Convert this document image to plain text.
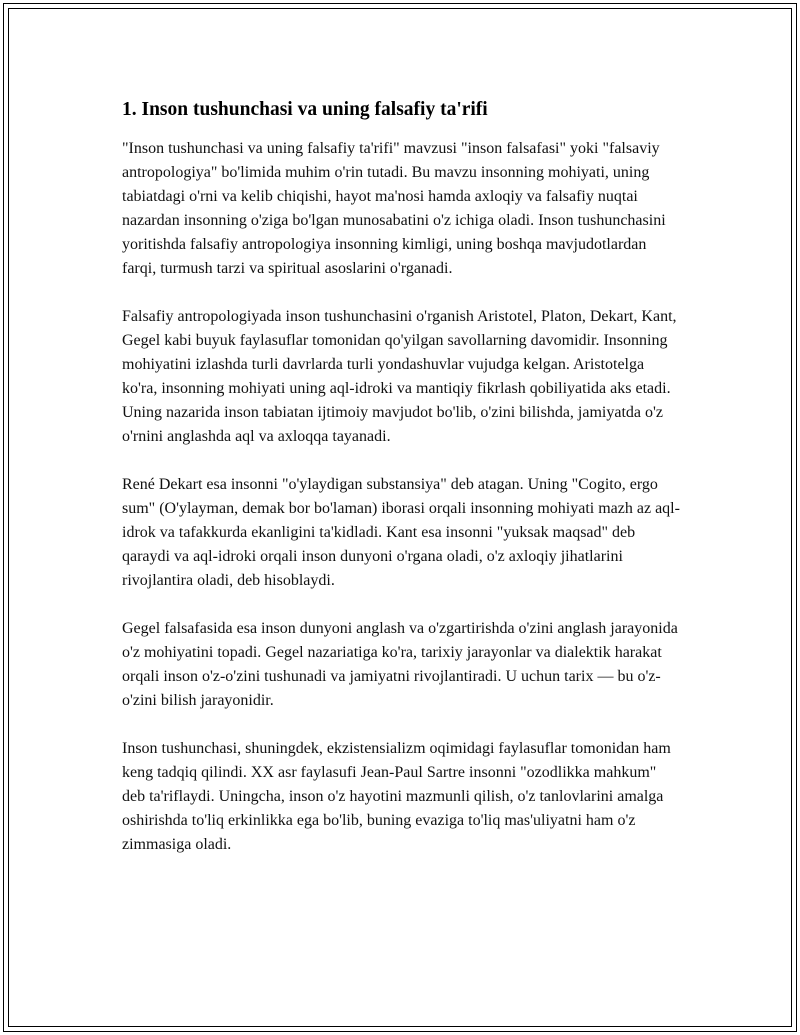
1. Inson tushunchasi va uning falsafiy ta'rifi

"Inson tushunchasi va uning falsafiy ta'rifi" mavzusi "inson falsafasi" yoki "falsaviy antropologiya" bo'limida muhim o'rin tutadi. Bu mavzu insonning mohiyati, uning tabiatdagi o'rni va kelib chiqishi, hayot ma'nosi hamda axloqiy va falsafiy nuqtai nazardan insonning o'ziga bo'lgan munosabatini o'z ichiga oladi. Inson tushunchasini yoritishda falsafiy antropologiya insonning kimligi, uning boshqa mavjudotlardan farqi, turmush tarzi va spiritual asoslarini o'rganadi.

Falsafiy antropologiyada inson tushunchasini o'rganish Aristotel, Platon, Dekart, Kant, Gegel kabi buyuk faylasuflar tomonidan qo'yilgan savollarning davomidir. Insonning mohiyatini izlashda turli davrlarda turli yondashuvlar vujudga kelgan. Aristotelga ko'ra, insonning mohiyati uning aql-idroki va mantiqiy fikrlash qobiliyatida aks etadi. Uning nazarida inson tabiatan ijtimoiy mavjudot bo'lib, o'zini bilishda, jamiyatda o'z o'rnini anglashda aql va axloqqa tayanadi.

René Dekart esa insonni "o'ylaydigan substansiya" deb atagan. Uning "Cogito, ergo sum" (O'ylayman, demak bor bo'laman) iborasi orqali insonning mohiyati mazh az aql-idrok va tafakkurda ekanligini ta'kidladi. Kant esa insonni "yuksak maqsad" deb qaraydi va aql-idroki orqali inson dunyoni o'rgana oladi, o'z axloqiy jihatlarini rivojlantira oladi, deb hisoblaydi.

Gegel falsafasida esa inson dunyoni anglash va o'zgartirishda o'zini anglash jarayonida o'z mohiyatini topadi. Gegel nazariatiga ko'ra, tarixiy jarayonlar va dialektik harakat orqali inson o'z-o'zini tushunadi va jamiyatni rivojlantiradi. U uchun tarix — bu o'z-o'zini bilish jarayonidir.

Inson tushunchasi, shuningdek, ekzistensializm oqimidagi faylasuflar tomonidan ham keng tadqiq qilindi. XX asr faylasufi Jean-Paul Sartre insonni "ozodlikka mahkum" deb ta'riflaydi. Uningcha, inson o'z hayotini mazmunli qilish, o'z tanlovlarini amalga oshirishda to'liq erkinlikka ega bo'lib, buning evaziga to'liq mas'uliyatni ham o'z zimmasiga oladi.
